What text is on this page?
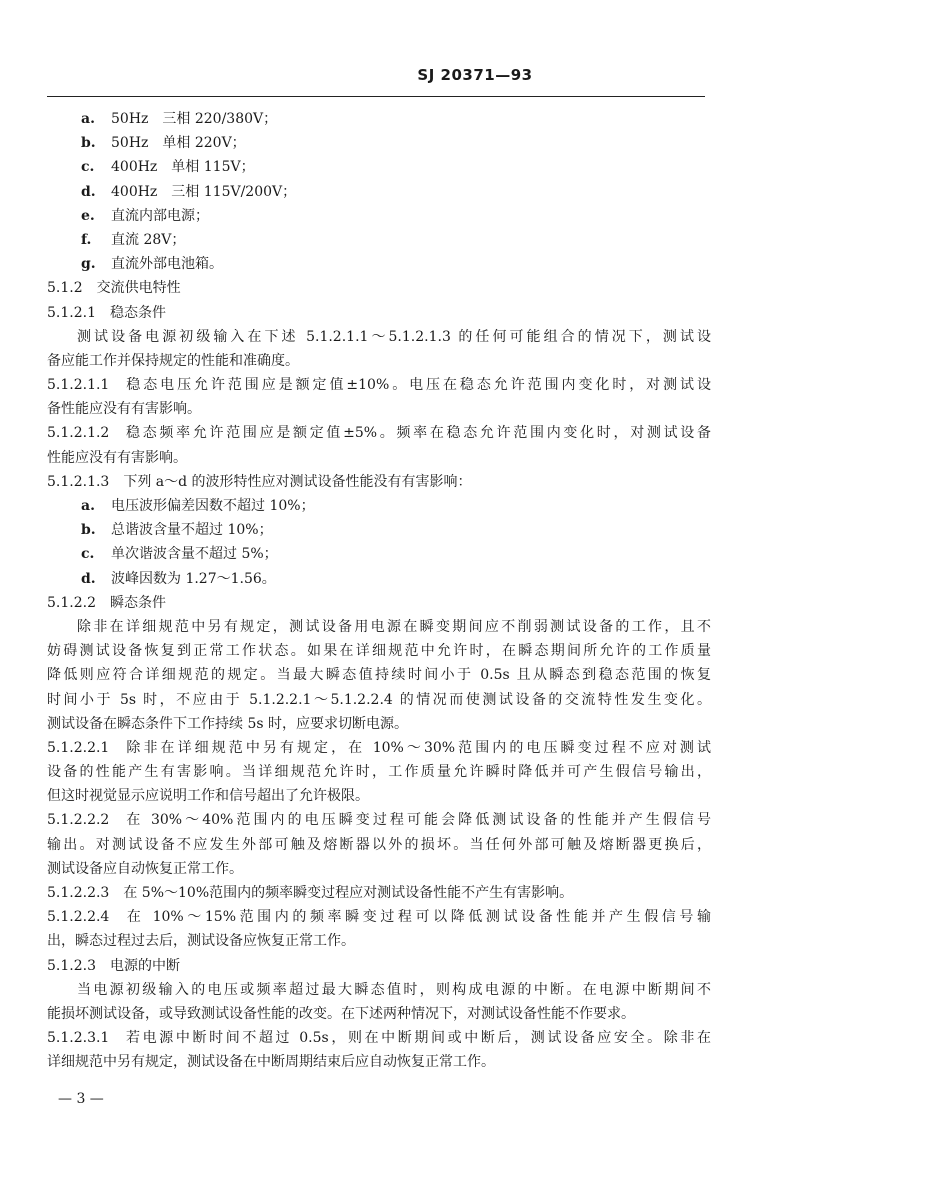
SJ 20371—93
a. 50Hz　三相 220/380V；
b. 50Hz　单相 220V；
c. 400Hz　单相 115V；
d. 400Hz　三相 115V/200V；
e. 直流内部电源；
f. 直流 28V；
g. 直流外部电池箱。
5.1.2 交流供电特性
5.1.2.1 稳态条件
测试设备电源初级输入在下述 5.1.2.1.1～5.1.2.1.3 的任何可能组合的情况下，测试设
备应能工作并保持规定的性能和准确度。
5.1.2.1.1 稳态电压允许范围应是额定值±10%。电压在稳态允许范围内变化时，对测试设
备性能应没有有害影响。
5.1.2.1.2 稳态频率允许范围应是额定值±5%。频率在稳态允许范围内变化时，对测试设备
性能应没有有害影响。
5.1.2.1.3 下列 a～d 的波形特性应对测试设备性能没有有害影响：
a. 电压波形偏差因数不超过 10%；
b. 总谐波含量不超过 10%；
c. 单次谐波含量不超过 5%；
d. 波峰因数为 1.27～1.56。
5.1.2.2 瞬态条件
除非在详细规范中另有规定，测试设备用电源在瞬变期间应不削弱测试设备的工作，且不
妨碍测试设备恢复到正常工作状态。如果在详细规范中允许时，在瞬态期间所允许的工作质量
降低则应符合详细规范的规定。当最大瞬态值持续时间小于 0.5s 且从瞬态到稳态范围的恢复
时间小于 5s 时，不应由于 5.1.2.2.1～5.1.2.2.4 的情况而使测试设备的交流特性发生变化。
测试设备在瞬态条件下工作持续 5s 时，应要求切断电源。
5.1.2.2.1 除非在详细规范中另有规定，在 10%～30%范围内的电压瞬变过程不应对测试
设备的性能产生有害影响。当详细规范允许时，工作质量允许瞬时降低并可产生假信号输出，
但这时视觉显示应说明工作和信号超出了允许极限。
5.1.2.2.2 在 30%～40%范围内的电压瞬变过程可能会降低测试设备的性能并产生假信号
输出。对测试设备不应发生外部可触及熔断器以外的损坏。当任何外部可触及熔断器更换后，
测试设备应自动恢复正常工作。
5.1.2.2.3 在 5%～10%范围内的频率瞬变过程应对测试设备性能不产生有害影响。
5.1.2.2.4 在 10%～15%范围内的频率瞬变过程可以降低测试设备性能并产生假信号输
出，瞬态过程过去后，测试设备应恢复正常工作。
5.1.2.3 电源的中断
当电源初级输入的电压或频率超过最大瞬态值时，则构成电源的中断。在电源中断期间不
能损坏测试设备，或导致测试设备性能的改变。在下述两种情况下，对测试设备性能不作要求。
5.1.2.3.1 若电源中断时间不超过 0.5s，则在中断期间或中断后，测试设备应安全。除非在
详细规范中另有规定，测试设备在中断周期结束后应自动恢复正常工作。
— 3 —
